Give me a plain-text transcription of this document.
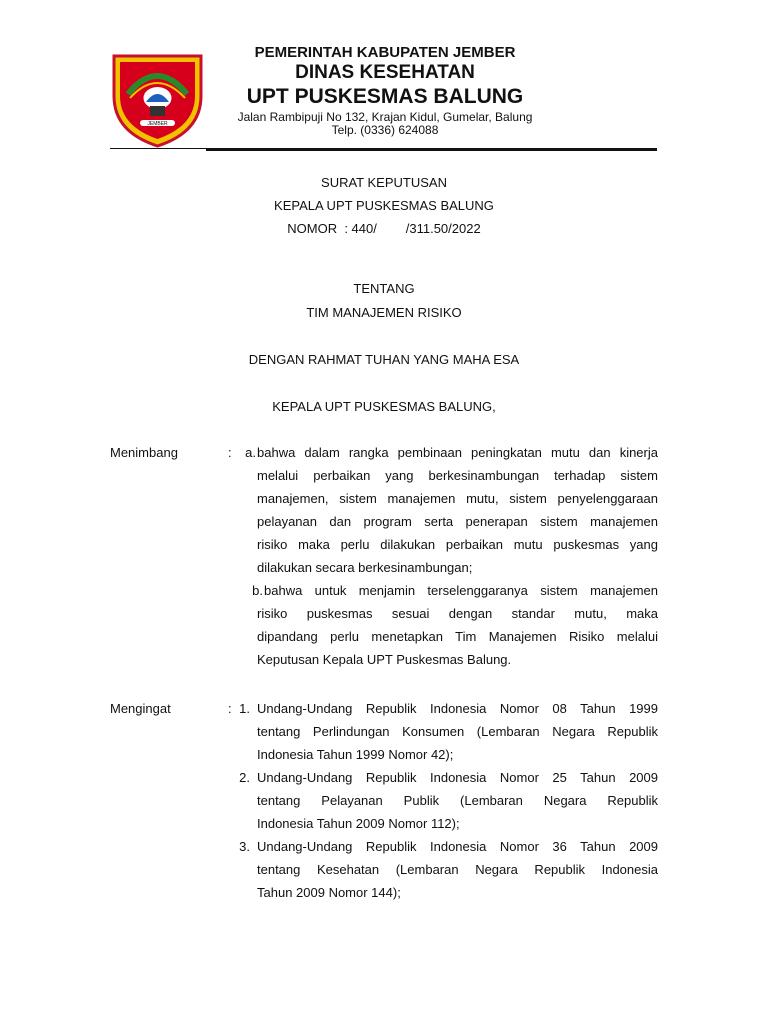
JEMBER
PEMERINTAH KABUPATEN JEMBER
DINAS KESEHATAN
UPT PUSKESMAS BALUNG
Jalan Rambipuji No 132, Krajan Kidul, Gumelar, Balung
Telp. (0336) 624088
SURAT KEPUTUSAN
KEPALA UPT PUSKESMAS BALUNG
NOMOR  : 440/        /311.50/2022
TENTANG
TIM MANAJEMEN RISIKO
DENGAN RAHMAT TUHAN YANG MAHA ESA
KEPALA UPT PUSKESMAS BALUNG,
Menimbang	:	a. bahwa dalam rangka pembinaan peningkatan mutu dan kinerja
melalui perbaikan yang berkesinambungan terhadap sistem
manajemen, sistem manajemen mutu, sistem penyelenggaraan
pelayanan dan program serta penerapan sistem manajemen
risiko maka perlu dilakukan perbaikan mutu puskesmas yang
dilakukan secara berkesinambungan;
b. bahwa untuk menjamin terselenggaranya sistem manajemen
risiko puskesmas sesuai dengan standar mutu, maka
dipandang perlu menetapkan Tim Manajemen Risiko melalui
Keputusan Kepala UPT Puskesmas Balung.
Mengingat	: 1. Undang-Undang Republik Indonesia Nomor 08 Tahun 1999
tentang Perlindungan Konsumen (Lembaran Negara Republik
Indonesia Tahun 1999 Nomor 42);
2. Undang-Undang Republik Indonesia Nomor 25 Tahun 2009
tentang Pelayanan Publik (Lembaran Negara Republik
Indonesia Tahun 2009 Nomor 112);
3. Undang-Undang Republik Indonesia Nomor 36 Tahun 2009
tentang Kesehatan (Lembaran Negara Republik Indonesia
Tahun 2009 Nomor 144);
